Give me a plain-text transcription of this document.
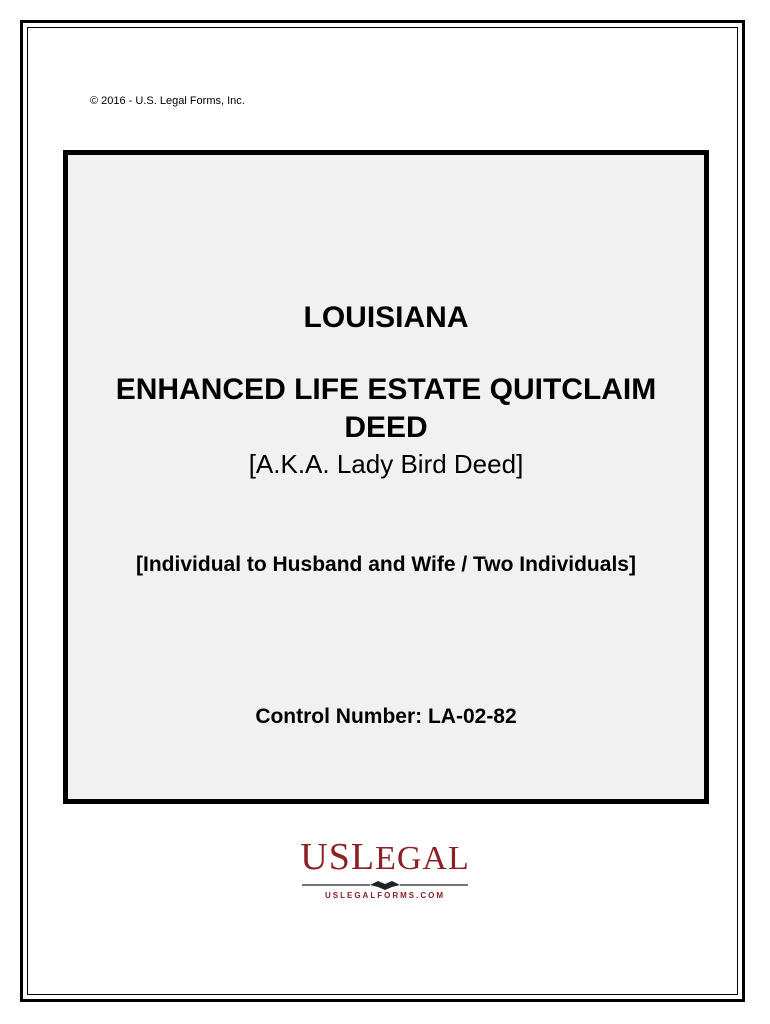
© 2016 - U.S. Legal Forms, Inc.
LOUISIANA
ENHANCED LIFE ESTATE QUITCLAIM DEED
[A.K.A. Lady Bird Deed]
[Individual to Husband and Wife / Two Individuals]
Control Number: LA-02-82
USLEGAL
USLEGALFORMS.COM
